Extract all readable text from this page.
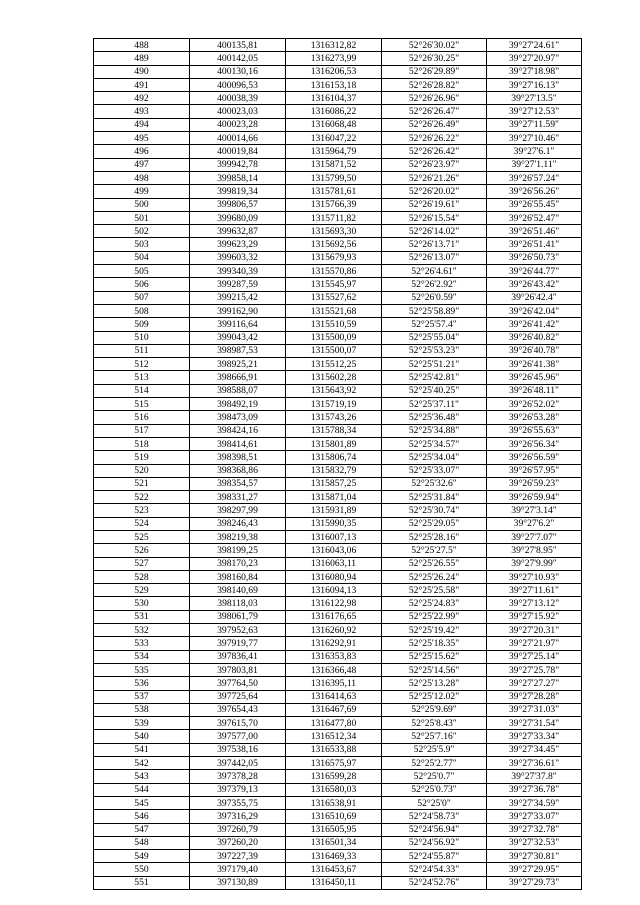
488	400135,81	1316312,82	52°26'30.02"	39°27'24.61"
489	400142,05	1316273,99	52°26'30.25"	39°27'20.97"
490	400130,16	1316206,53	52°26'29.89"	39°27'18.98"
491	400096,53	1316153,18	52°26'28.82"	39°27'16.13"
492	400038,39	1316104,37	52°26'26.96"	39°27'13.5"
493	400023,03	1316086,22	52°26'26.47"	39°27'12.53"
494	400023,28	1316068,48	52°26'26.49"	39°27'11.59"
495	400014,66	1316047,22	52°26'26.22"	39°27'10.46"
496	400019,84	1315964,79	52°26'26.42"	39°27'6.1"
497	399942,78	1315871,52	52°26'23.97"	39°27'1.11"
498	399858,14	1315799,50	52°26'21.26"	39°26'57.24"
499	399819,34	1315781,61	52°26'20.02"	39°26'56.26"
500	399806,57	1315766,39	52°26'19.61"	39°26'55.45"
501	399680,09	1315711,82	52°26'15.54"	39°26'52.47"
502	399632,87	1315693,30	52°26'14.02"	39°26'51.46"
503	399623,29	1315692,56	52°26'13.71"	39°26'51.41"
504	399603,32	1315679,93	52°26'13.07"	39°26'50.73"
505	399340,39	1315570,86	52°26'4.61"	39°26'44.77"
506	399287,59	1315545,97	52°26'2.92"	39°26'43.42"
507	399215,42	1315527,62	52°26'0.59"	39°26'42.4"
508	399162,90	1315521,68	52°25'58.89"	39°26'42.04"
509	399116,64	1315510,59	52°25'57.4"	39°26'41.42"
510	399043,42	1315500,09	52°25'55.04"	39°26'40.82"
511	398987,53	1315500,07	52°25'53.23"	39°26'40.78"
512	398925,21	1315512,25	52°25'51.21"	39°26'41.38"
513	398666,91	1315602,28	52°25'42.81"	39°26'45.96"
514	398588,07	1315643,92	52°25'40.25"	39°26'48.11"
515	398492,19	1315719,19	52°25'37.11"	39°26'52.02"
516	398473,09	1315743,26	52°25'36.48"	39°26'53.28"
517	398424,16	1315788,34	52°25'34.88"	39°26'55.63"
518	398414,61	1315801,89	52°25'34.57"	39°26'56.34"
519	398398,51	1315806,74	52°25'34.04"	39°26'56.59"
520	398368,86	1315832,79	52°25'33.07"	39°26'57.95"
521	398354,57	1315857,25	52°25'32.6"	39°26'59.23"
522	398331,27	1315871,04	52°25'31.84"	39°26'59.94"
523	398297,99	1315931,89	52°25'30.74"	39°27'3.14"
524	398246,43	1315990,35	52°25'29.05"	39°27'6.2"
525	398219,38	1316007,13	52°25'28.16"	39°27'7.07"
526	398199,25	1316043,06	52°25'27.5"	39°27'8.95"
527	398170,23	1316063,11	52°25'26.55"	39°27'9.99"
528	398160,84	1316080,94	52°25'26.24"	39°27'10.93"
529	398140,69	1316094,13	52°25'25.58"	39°27'11.61"
530	398118,03	1316122,98	52°25'24.83"	39°27'13.12"
531	398061,79	1316176,65	52°25'22.99"	39°27'15.92"
532	397952,63	1316260,92	52°25'19.42"	39°27'20.31"
533	397919,77	1316292,91	52°25'18.35"	39°27'21.97"
534	397836,41	1316353,83	52°25'15.62"	39°27'25.14"
535	397803,81	1316366,48	52°25'14.56"	39°27'25.78"
536	397764,50	1316395,11	52°25'13.28"	39°27'27.27"
537	397725,64	1316414,63	52°25'12.02"	39°27'28.28"
538	397654,43	1316467,69	52°25'9.69"	39°27'31.03"
539	397615,70	1316477,80	52°25'8.43"	39°27'31.54"
540	397577,00	1316512,34	52°25'7.16"	39°27'33.34"
541	397538,16	1316533,88	52°25'5.9"	39°27'34.45"
542	397442,05	1316575,97	52°25'2.77"	39°27'36.61"
543	397378,28	1316599,28	52°25'0.7"	39°27'37.8"
544	397379,13	1316580,03	52°25'0.73"	39°27'36.78"
545	397355,75	1316538,91	52°25'0"	39°27'34.59"
546	397316,29	1316510,69	52°24'58.73"	39°27'33.07"
547	397260,79	1316505,95	52°24'56.94"	39°27'32.78"
548	397260,20	1316501,34	52°24'56.92"	39°27'32.53"
549	397227,39	1316469,33	52°24'55.87"	39°27'30.81"
550	397179,40	1316453,67	52°24'54.33"	39°27'29.95"
551	397130,89	1316450,11	52°24'52.76"	39°27'29.73"
